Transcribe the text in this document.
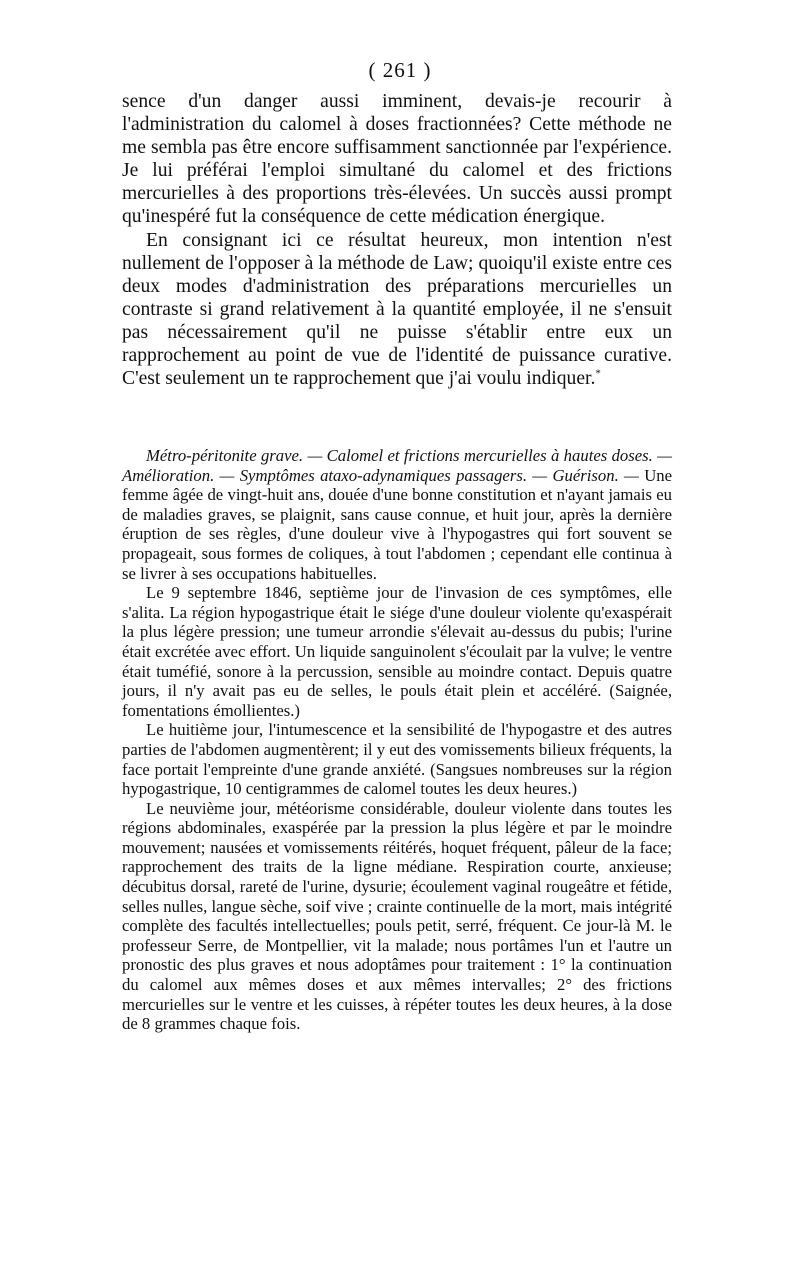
( 261 )

sence d'un danger aussi imminent, devais-je recourir à l'administration du calomel à doses fractionnées? Cette méthode ne me sembla pas être encore suffisamment sanctionnée par l'expérience. Je lui préférai l'emploi simultané du calomel et des frictions mercurielles à des proportions très-élevées. Un succès aussi prompt qu'inespéré fut la conséquence de cette médication énergique.

En consignant ici ce résultat heureux, mon intention n'est nullement de l'opposer à la méthode de Law; quoiqu'il existe entre ces deux modes d'administration des préparations mercurielles un contraste si grand relativement à la quantité employée, il ne s'ensuit pas nécessairement qu'il ne puisse s'établir entre eux un rapprochement au point de vue de l'identité de puissance curative. C'est seulement un te rapprochement que j'ai voulu indiquer.*

Métro-péritonite grave. — Calomel et frictions mercurielles à hautes doses. — Amélioration. — Symptômes ataxo-adynamiques passagers. — Guérison. — Une femme âgée de vingt-huit ans, douée d'une bonne constitution et n'ayant jamais eu de maladies graves, se plaignit, sans cause connue, et huit jour, après la dernière éruption de ses règles, d'une douleur vive à l'hypogastres qui fort souvent se propageait, sous formes de coliques, à tout l'abdomen ; cependant elle continua à se livrer à ses occupations habituelles.

Le 9 septembre 1846, septième jour de l'invasion de ces symptômes, elle s'alita. La région hypogastrique était le siége d'une douleur violente qu'exaspérait la plus légère pression; une tumeur arrondie s'élevait au-dessus du pubis; l'urine était excrétée avec effort. Un liquide sanguinolent s'écoulait par la vulve; le ventre était tuméfié, sonore à la percussion, sensible au moindre contact. Depuis quatre jours, il n'y avait pas eu de selles, le pouls était plein et accéléré. (Saignée, fomentations émollientes.)

Le huitième jour, l'intumescence et la sensibilité de l'hypogastre et des autres parties de l'abdomen augmentèrent; il y eut des vomissements bilieux fréquents, la face portait l'empreinte d'une grande anxiété. (Sangsues nombreuses sur la région hypogastrique, 10 centigrammes de calomel toutes les deux heures.)

Le neuvième jour, météorisme considérable, douleur violente dans toutes les régions abdominales, exaspérée par la pression la plus légère et par le moindre mouvement; nausées et vomissements réitérés, hoquet fréquent, pâleur de la face; rapprochement des traits de la ligne médiane. Respiration courte, anxieuse; décubitus dorsal, rareté de l'urine, dysurie; écoulement vaginal rougeâtre et fétide, selles nulles, langue sèche, soif vive ; crainte continuelle de la mort, mais intégrité complète des facultés intellectuelles; pouls petit, serré, fréquent. Ce jour-là M. le professeur Serre, de Montpellier, vit la malade; nous portâmes l'un et l'autre un pronostic des plus graves et nous adoptâmes pour traitement : 1° la continuation du calomel aux mêmes doses et aux mêmes intervalles; 2° des frictions mercurielles sur le ventre et les cuisses, à répéter toutes les deux heures, à la dose de 8 grammes chaque fois.
